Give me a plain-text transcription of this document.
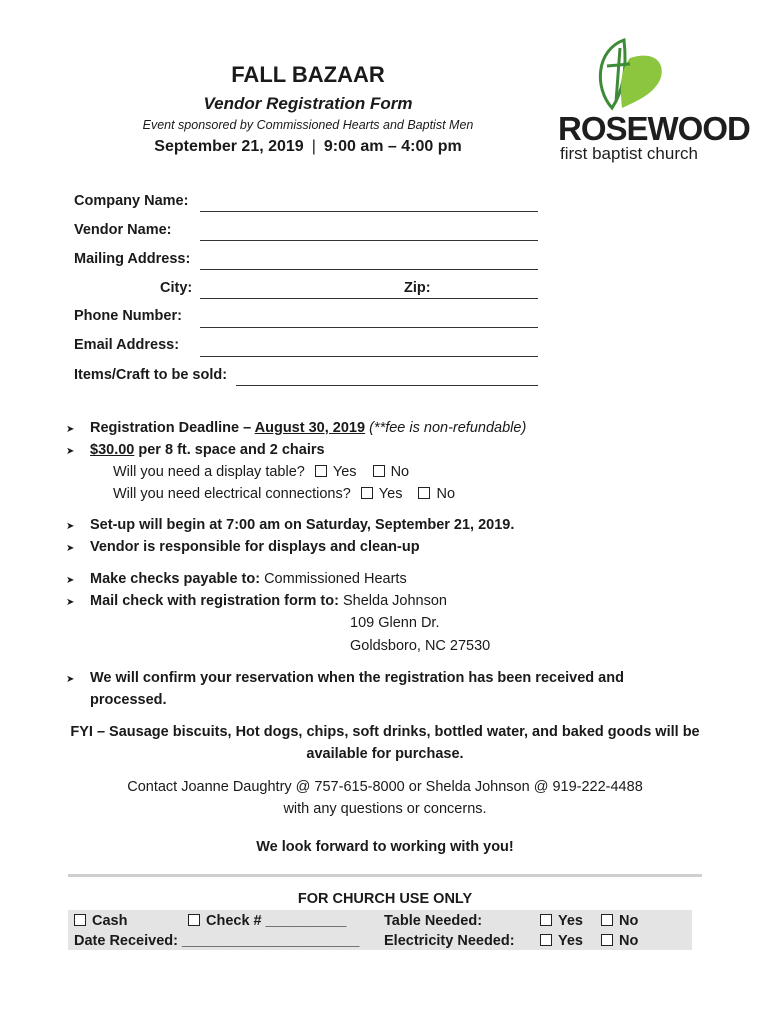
FALL BAZAAR
Vendor Registration Form
Event sponsored by Commissioned Hearts and Baptist Men
September 21, 2019 | 9:00 am – 4:00 pm	ROSEWOOD
first baptist church
Company Name:
Vendor Name:
Mailing Address:
City:	Zip:
Phone Number:
Email Address:
Items/Craft to be sold:
➤ Registration Deadline – August 30, 2019 (**fee is non-refundable)
➤ $30.00 per 8 ft. space and 2 chairs
Will you need a display table? Yes No
Will you need electrical connections? Yes No
➤ Set-up will begin at 7:00 am on Saturday, September 21, 2019.
➤ Vendor is responsible for displays and clean-up
➤ Make checks payable to: Commissioned Hearts
➤ Mail check with registration form to: Shelda Johnson
109 Glenn Dr.
Goldsboro, NC 27530
➤ We will confirm your reservation when the registration has been received and
processed.
FYI – Sausage biscuits, Hot dogs, chips, soft drinks, bottled water, and baked goods will be
available for purchase.
Contact Joanne Daughtry @ 757-615-8000 or Shelda Johnson @ 919-222-4488
with any questions or concerns.
We look forward to working with you!
FOR CHURCH USE ONLY
Cash	Check # __________	Table Needed:	Yes No
Date Received: ______________________ Electricity Needed:	Yes No
